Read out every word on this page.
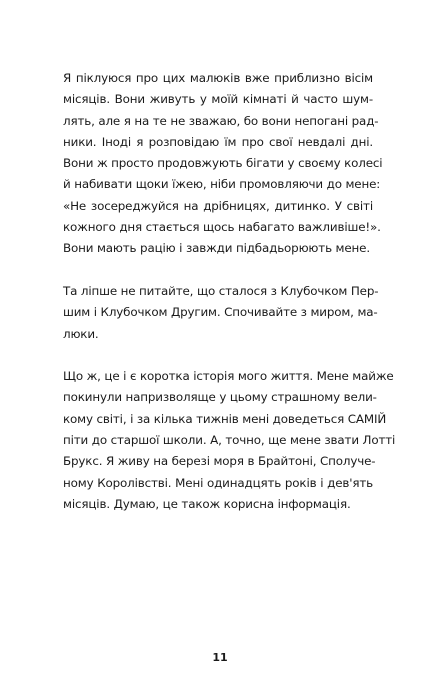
Я піклуюся про цих малюків вже приблизно вісім
місяців. Вони живуть у моїй кімнаті й часто шум-
лять, але я на те не зважаю, бо вони непогані рад-
ники. Іноді я розповідаю їм про свої невдалі дні.
Вони ж просто продовжують бігати у своєму колесі
й набивати щоки їжею, ніби промовляючи до мене:
«Не зосереджуйся на дрібницях, дитинко. У світі
кожного дня стається щось набагато важливіше!».
Вони мають рацію і завжди підбадьорюють мене.

Та ліпше не питайте, що сталося з Клубочком Пер-
шим і Клубочком Другим. Спочивайте з миром, ма-
люки.

Що ж, це і є коротка історія мого життя. Мене майже
покинули напризволяще у цьому страшному вели-
кому світі, і за кілька тижнів мені доведеться САМІЙ
піти до старшої школи. А, точно, ще мене звати Лотті
Брукс. Я живу на березі моря в Брайтоні, Сполуче-
ному Королівстві. Мені одинадцять років і дев'ять
місяців. Думаю, це також корисна інформація.

11
